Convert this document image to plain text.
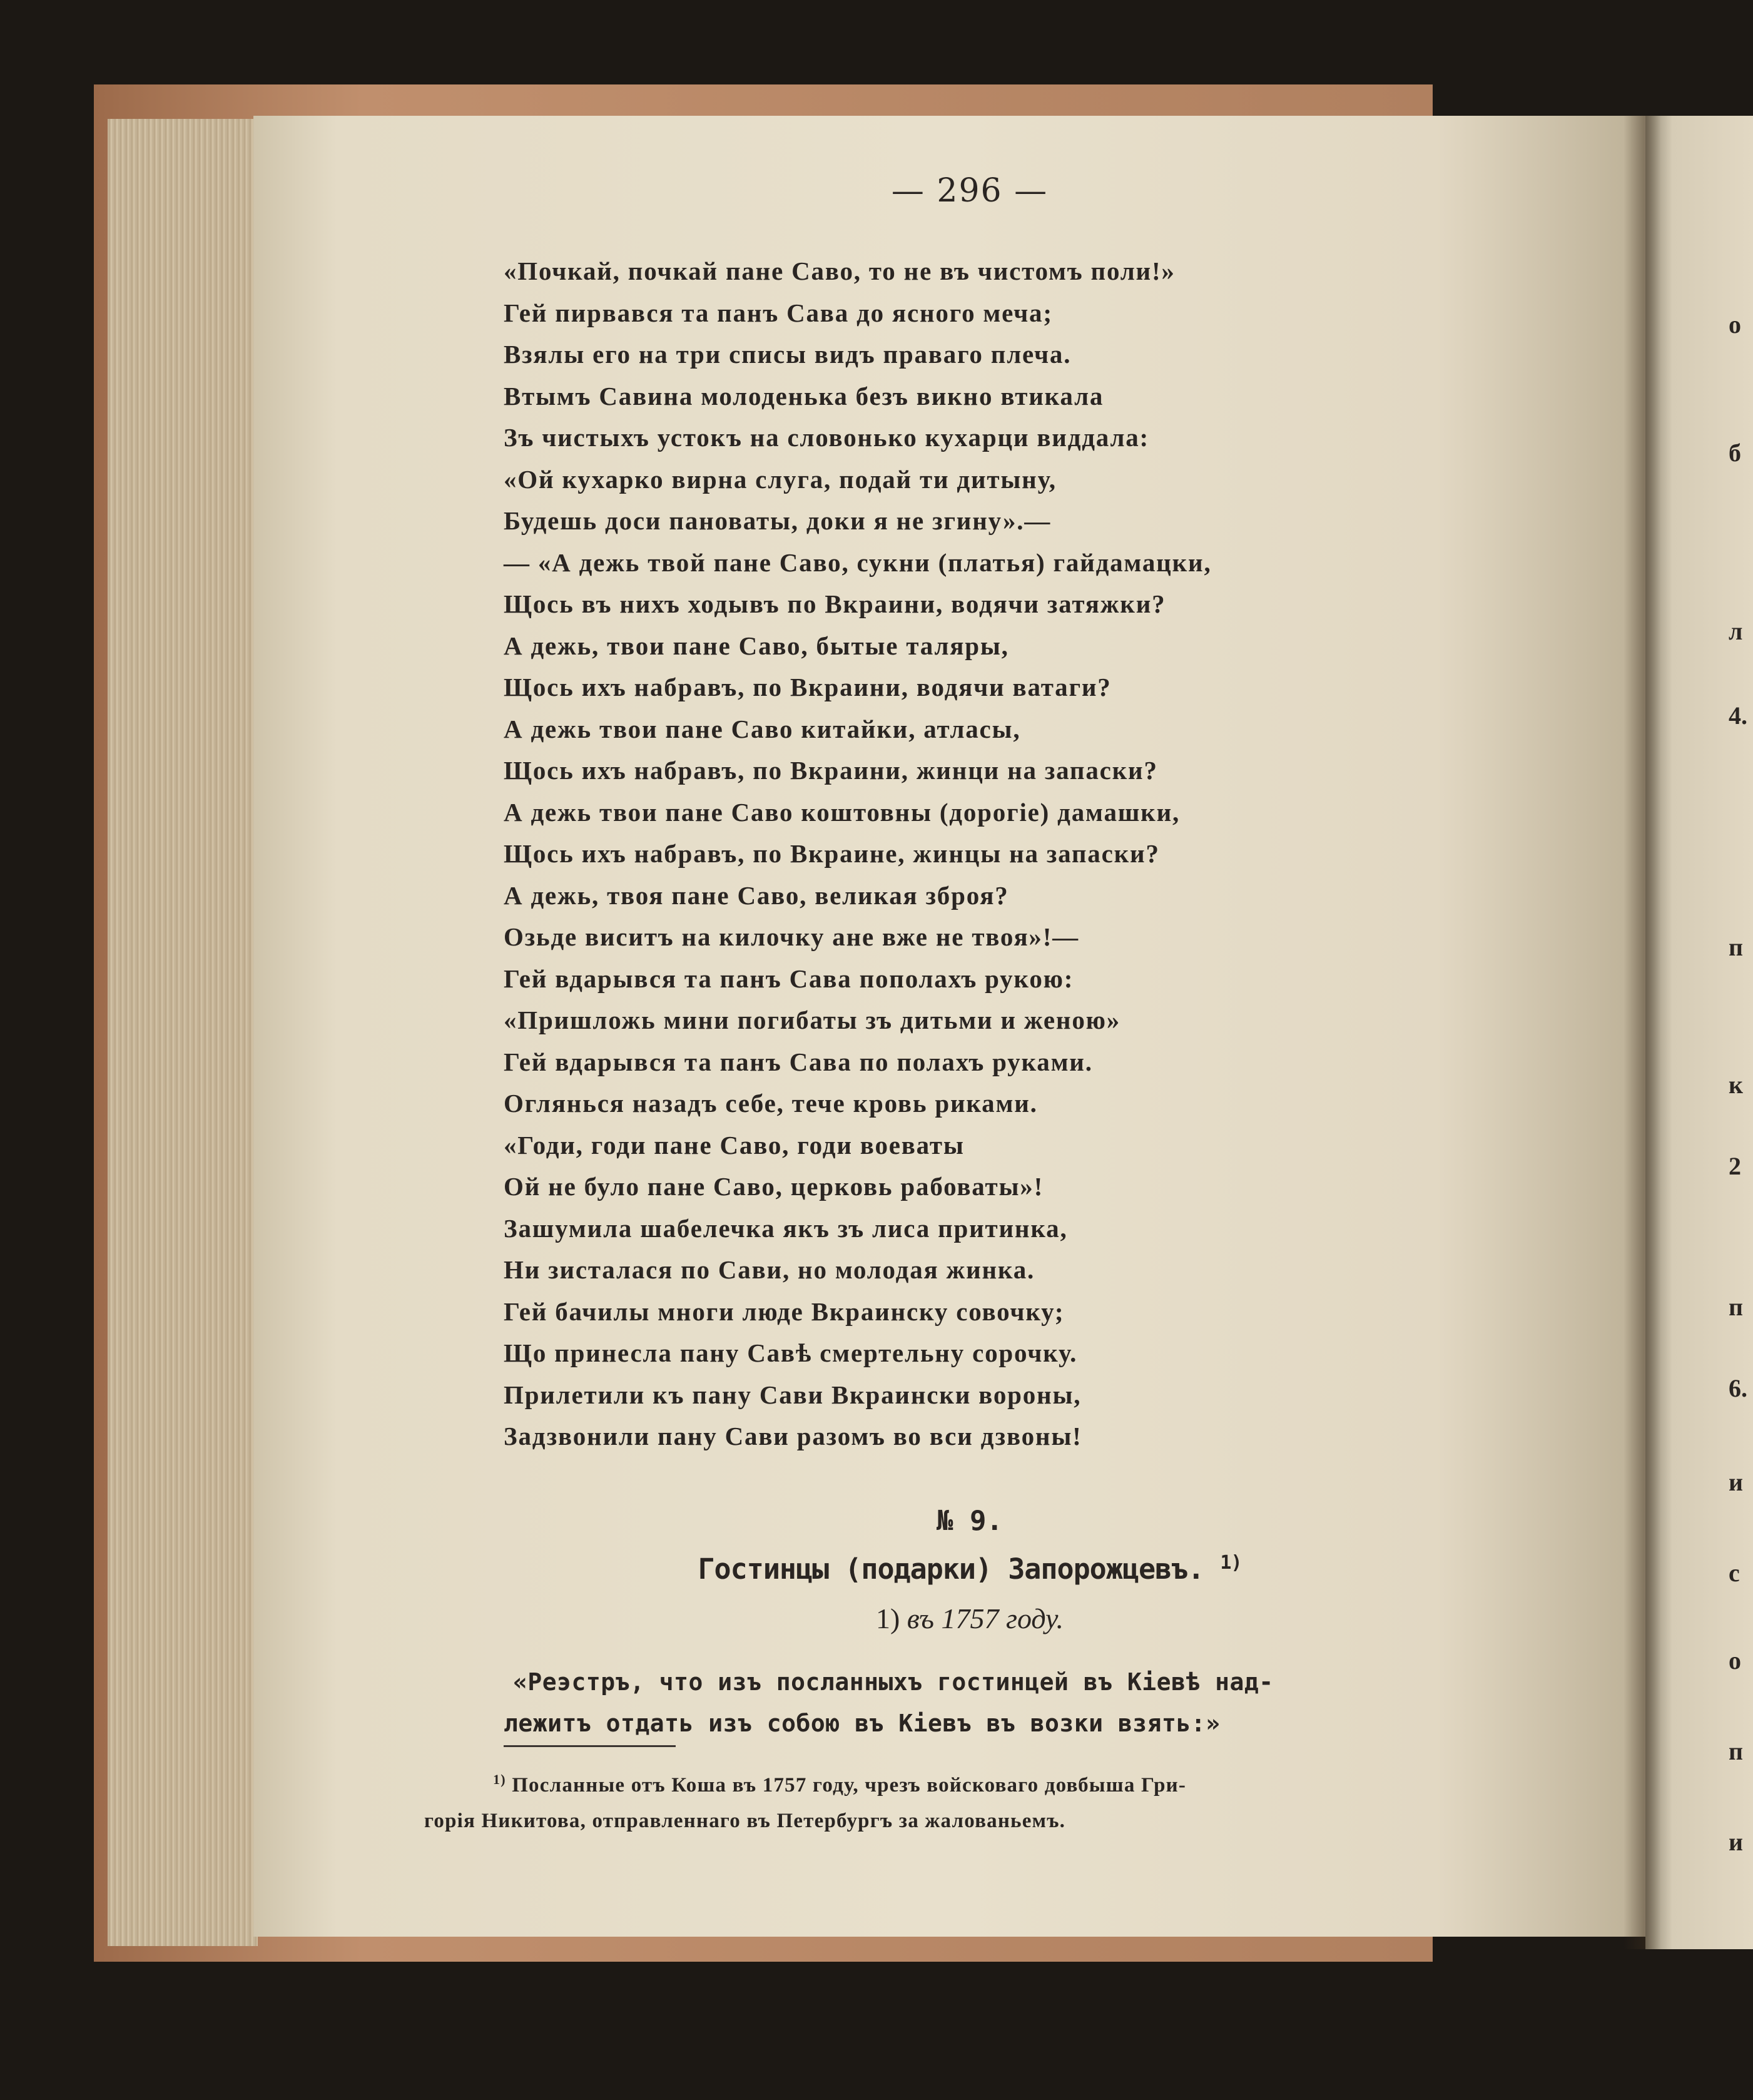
— 296 —
«Почкай, почкай пане Саво, то не въ чистомъ поли!»
Гей пирвався та панъ Сава до ясного меча;
Взялы его на три списы видъ праваго плеча.
Втымъ Савина молоденька безъ викно втикала
Зъ чистыхъ устокъ на словонько кухарци виддала:
«Ой кухарко вирна слуга, подай ти дитыну,
Будешь доси пановаты, доки я не згину».—
— «А дежь твой пане Саво, сукни (платья) гайдамацки,
Щось въ нихъ ходывъ по Вкраини, водячи затяжки?
А дежь, твои пане Саво, бытые таляры,
Щось ихъ набравъ, по Вкраини, водячи ватаги?
А дежь твои пане Саво китайки, атласы,
Щось ихъ набравъ, по Вкраини, жинци на запаски?
А дежь твои пане Саво коштовны (дорогіе) дамашки,
Щось ихъ набравъ, по Вкраине, жинцы на запаски?
А дежь, твоя пане Саво, великая зброя?
Озьде виситъ на килочку ане вже не твоя»!—
Гей вдарывся та панъ Сава пополахъ рукою:
«Пришложь мини погибаты зъ дитьми и женою»
Гей вдарывся та панъ Сава по полахъ руками.
Оглянься назадъ себе, тече кровь риками.
«Годи, годи пане Саво, годи воеваты
Ой не було пане Саво, церковь рабоваты»!
Зашумила шабелечка якъ зъ лиса притинка,
Ни зисталася по Сави, но молодая жинка.
Гей бачилы многи люде Вкраинску совочку;
Що принесла пану Савѣ смертельну сорочку.
Прилетили къ пану Сави Вкраински вороны,
Задзвонили пану Сави разомъ во вси дзвоны!
№ 9.
Гостинцы (подарки) Запорожцевъ. $^{1)}$
1) въ 1757 году.
«Реэстръ, что изъ посланныхъ гостинцей въ Кіевѣ над-
лежитъ отдать изъ собою въ Кіевъ въ возки взять:»
$^{1)}$ Посланные отъ Коша въ 1757 году, чрезъ войсковаго довбыша Гри-
горія Никитова, отправленнаго въ Петербургъ за жалованьемъ.
о
б
л
4.
п
к
2
п
6.
и
с
о
п
и
